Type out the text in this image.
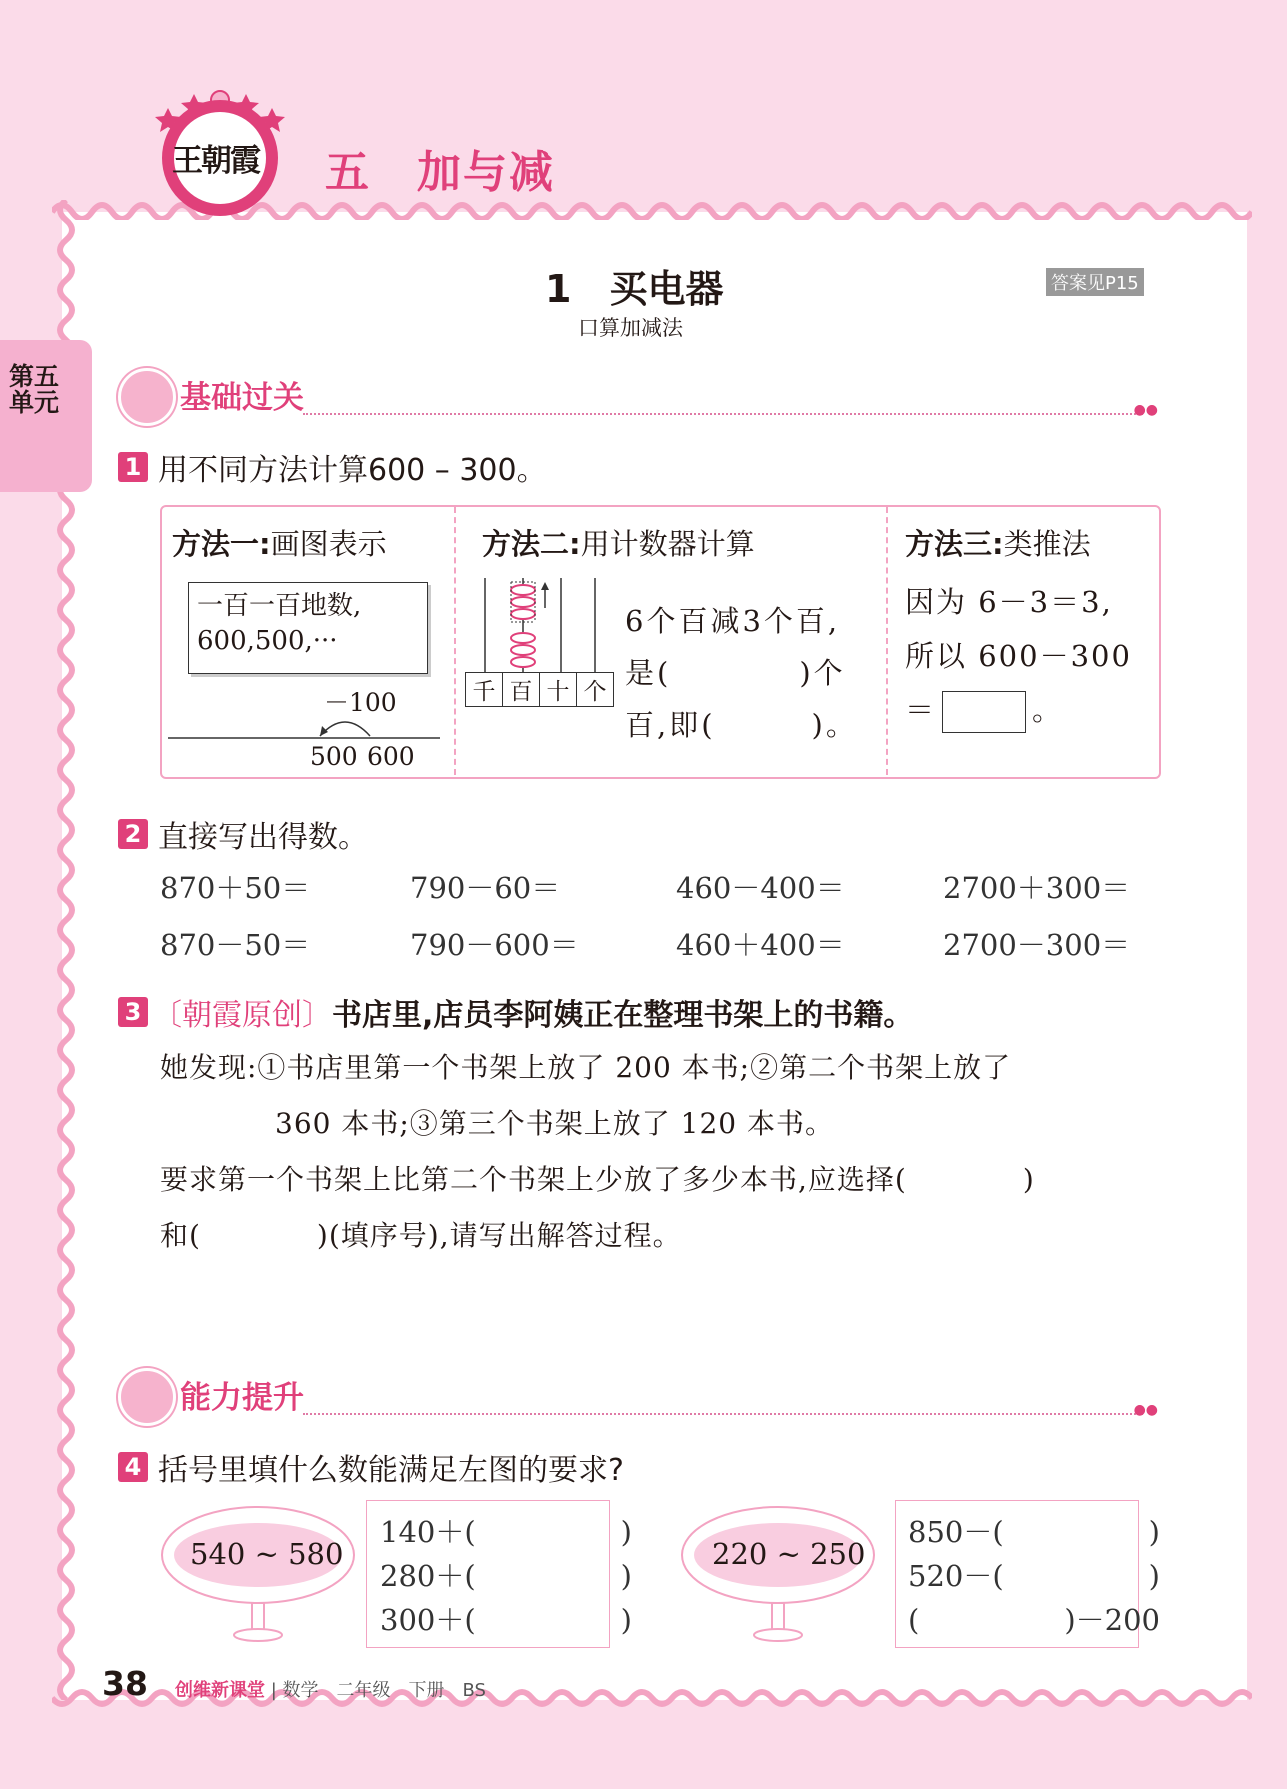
王朝霞 五　加与减
第五单元
1　买电器
口算加减法
答案见P15
基础过关	●●
1 用不同方法计算600 – 300。
方法一:画图表示
一百一百地数,
600,500,···
－100
500 600
方法二:用计数器计算
千 百 十 个
6个百减3个百,
是(　　　　)个
百,即(　　　)。
方法三:类推法
因为 6－3＝3,
所以 600－300
＝	。
2 直接写出得数。
870＋50＝	790－60＝	460－400＝	2700＋300＝
870－50＝	790－600＝	460＋400＝	2700－300＝
3 〔朝霞原创〕书店里,店员李阿姨正在整理书架上的书籍。
她发现:①书店里第一个书架上放了 200 本书;②第二个书架上放了
360 本书;③第三个书架上放了 120 本书。
要求第一个书架上比第二个书架上少放了多少本书,应选择(　　　　)
和(　　　　)(填序号),请写出解答过程。
能力提升	●●
4 括号里填什么数能满足左图的要求?
540 ~ 580
140＋(　　　　　)
280＋(　　　　　)
300＋(　　　　　)
220 ~ 250
850－(　　　　　)
520－(　　　　　)
(　　　　　)－200
38 创维新课堂 | 数学　二年级　下册　BS
